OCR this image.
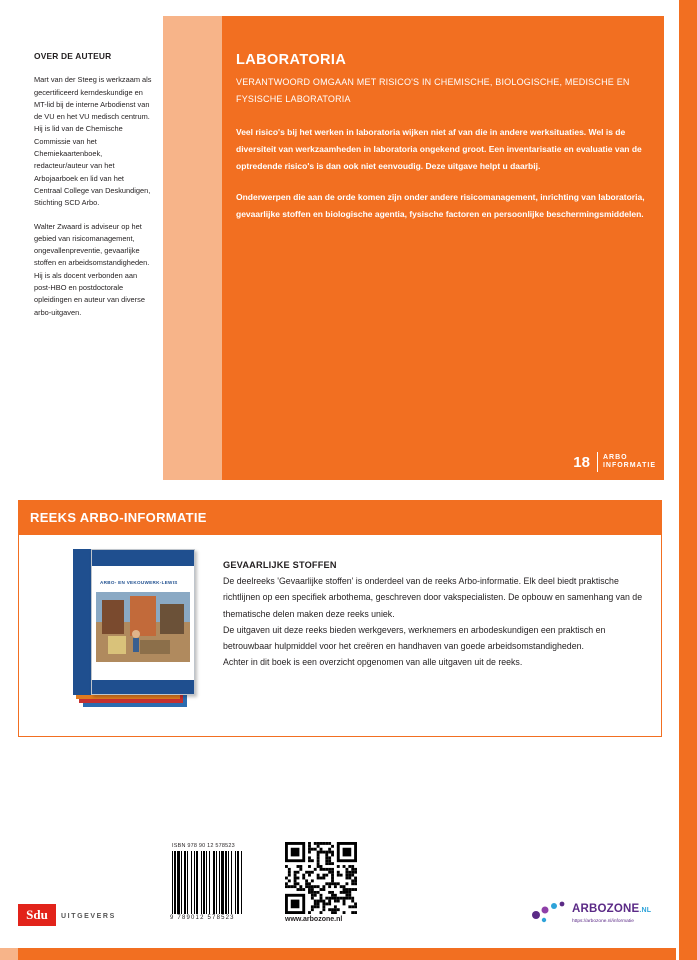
OVER DE AUTEUR

Mart van der Steeg is werkzaam als gecertificeerd kerndeskundige en MT-lid bij de interne Arbodienst van de VU en het VU medisch centrum. Hij is lid van de Chemische Commissie van het Chemiekaartenboek, redacteur/auteur van het Arbojaarboek en lid van het Centraal College van Deskundigen, Stichting SCD Arbo.

Walter Zwaard is adviseur op het gebied van risicomanagement, ongevallenpreventie, gevaarlijke stoffen en arbeidsomstandigheden. Hij is als docent verbonden aan post-HBO en postdoctorale opleidingen en auteur van diverse arbo-uitgaven.

LABORATORIA
VERANTWOORD OMGAAN MET RISICO'S IN CHEMISCHE, BIOLOGISCHE, MEDISCHE EN FYSISCHE LABORATORIA

Veel risico's bij het werken in laboratoria wijken niet af van die in andere werksituaties. Wel is de diversiteit van werkzaamheden in laboratoria ongekend groot. Een inventarisatie en evaluatie van de optredende risico's is dan ook niet eenvoudig. Deze uitgave helpt u daarbij.

Onderwerpen die aan de orde komen zijn onder andere risicomanagement, inrichting van laboratoria, gevaarlijke stoffen en biologische agentia, fysische factoren en persoonlijke beschermingsmiddelen.

18	ARBO
INFORMATIE
REEKS ARBO-INFORMATIE
ARBO- EN VEKOUWERK-LEWIS
GEVAARLIJKE STOFFEN
De deelreeks 'Gevaarlijke stoffen' is onderdeel van de reeks Arbo-informatie. Elk deel biedt praktische richtlijnen op een specifiek arbothema, geschreven door vakspecialisten. De opbouw en samenhang van de thematische delen maken deze reeks uniek.
De uitgaven uit deze reeks bieden werkgevers, werknemers en arbodeskundigen een praktisch en betrouwbaar hulpmiddel voor het creëren en handhaven van goede arbeidsomstandigheden.
Achter in dit boek is een overzicht opgenomen van alle uitgaven uit de reeks.
ISBN 978 90 12 578523
9 789012 578523	www.arbozone.nl
Sdu	UITGEVERS
ARBOZONE.NL
https://arbozone.nl/informatie
